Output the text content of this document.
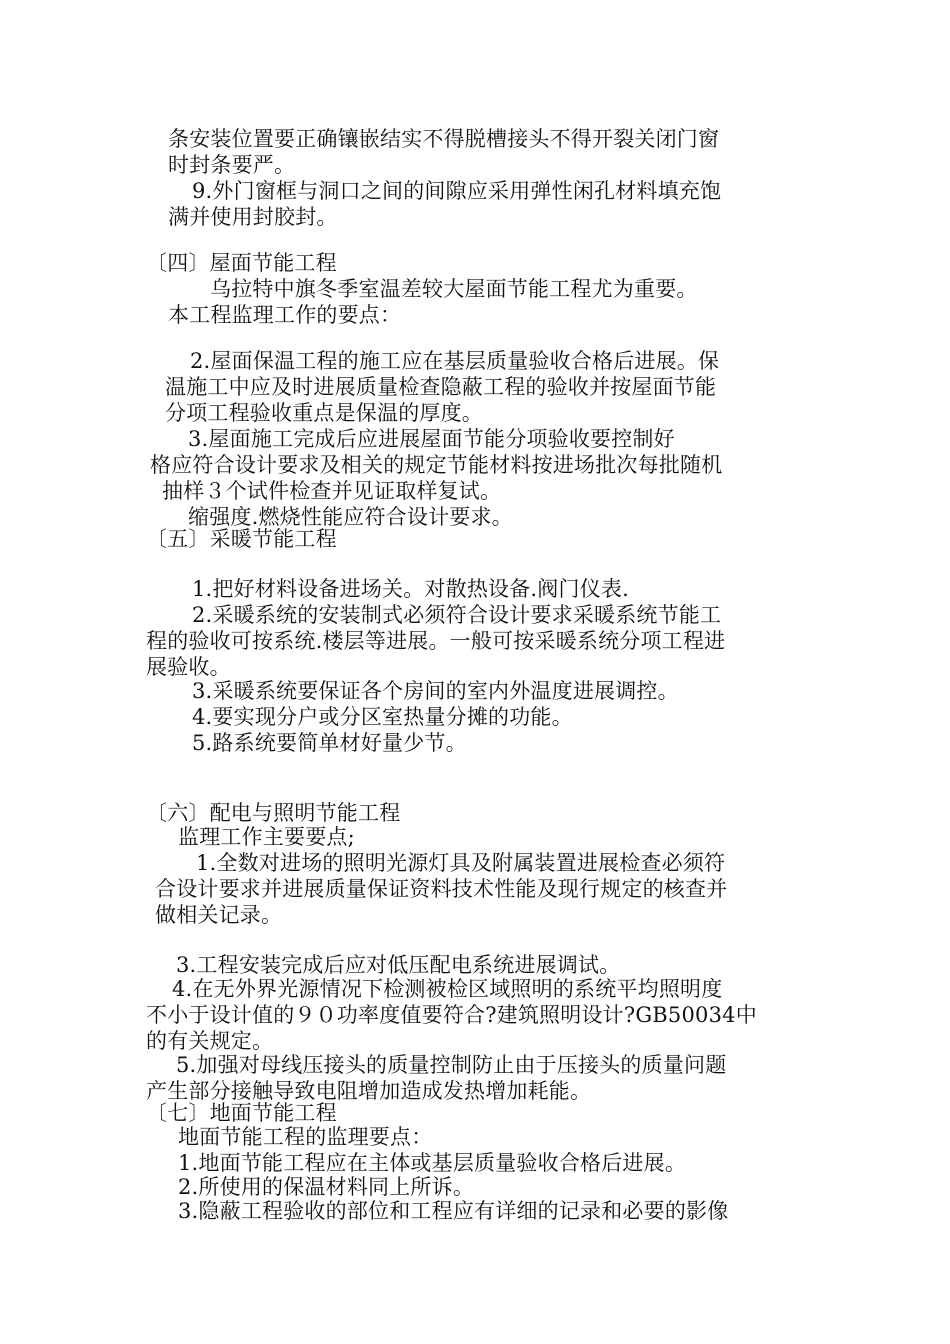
条安装位置要正确镶嵌结实不得脱槽接头不得开裂关闭门窗
时封条要严。
9.外门窗框与洞口之间的间隙应采用弹性闲孔材料填充饱
满并使用封胶封。
〔四〕屋面节能工程
乌拉特中旗冬季室温差较大屋面节能工程尤为重要。
本工程监理工作的要点：
2.屋面保温工程的施工应在基层质量验收合格后进展。保
温施工中应及时进展质量检查隐蔽工程的验收并按屋面节能
分项工程验收重点是保温的厚度。
3.屋面施工完成后应进展屋面节能分项验收要控制好
格应符合设计要求及相关的规定节能材料按进场批次每批随机
抽样３个试件检查并见证取样复试。
缩强度.燃烧性能应符合设计要求。
〔五〕采暖节能工程
1.把好材料设备进场关。对散热设备.阀门仪表.
2.采暖系统的安装制式必须符合设计要求采暖系统节能工
程的验收可按系统.楼层等进展。一般可按采暖系统分项工程进
展验收。
3.采暖系统要保证各个房间的室内外温度进展调控。
4.要实现分户或分区室热量分摊的功能。
5.路系统要简单材好量少节。
〔六〕配电与照明节能工程
监理工作主要要点;
1.全数对进场的照明光源灯具及附属装置进展检查必须符
合设计要求并进展质量保证资料技术性能及现行规定的核查并
做相关记录。
3.工程安装完成后应对低压配电系统进展调试。
4.在无外界光源情况下检测被检区域照明的系统平均照明度
不小于设计值的９０功率度值要符合?建筑照明设计?GB50034中
的有关规定。
5.加强对母线压接头的质量控制防止由于压接头的质量问题
产生部分接触导致电阻增加造成发热增加耗能。
〔七〕地面节能工程
地面节能工程的监理要点：
1.地面节能工程应在主体或基层质量验收合格后进展。
2.所使用的保温材料同上所诉。
3.隐蔽工程验收的部位和工程应有详细的记录和必要的影像
